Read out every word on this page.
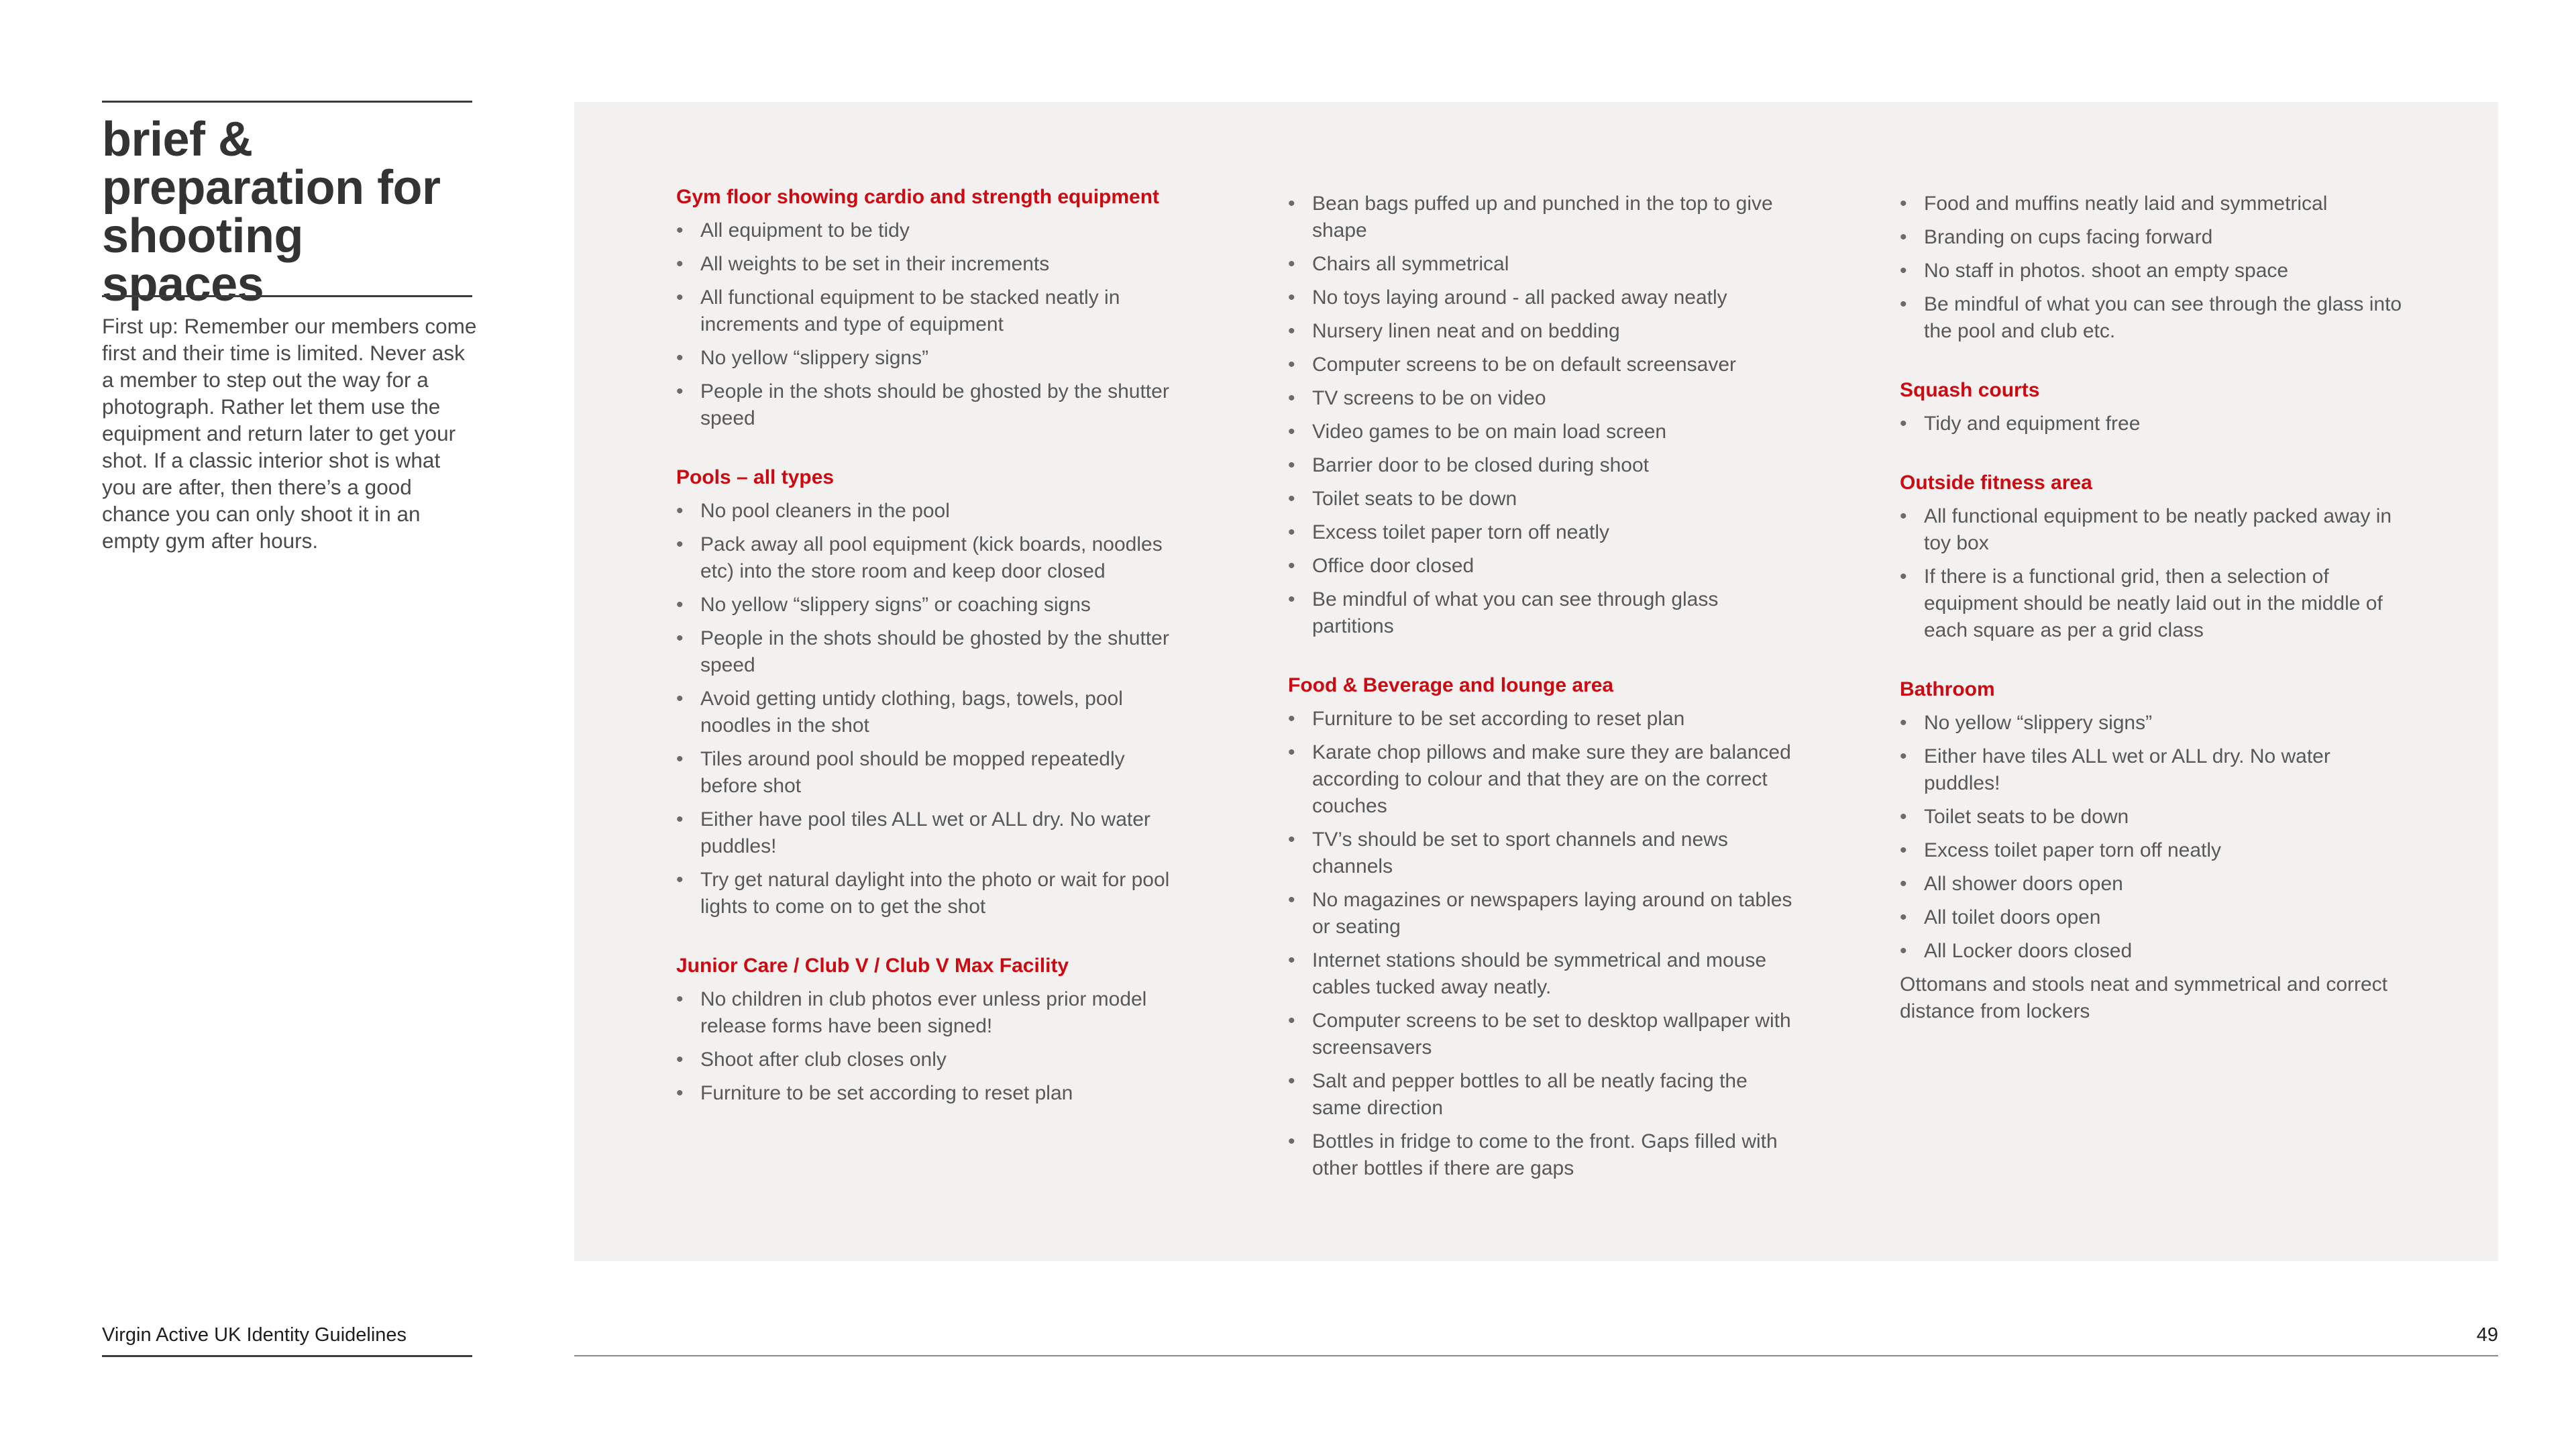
brief & preparation for shooting spaces

First up: Remember our members come first and their time is limited. Never ask a member to step out the way for a photograph. Rather let them use the equipment and return later to get your shot. If a classic interior shot is what you are after, then there’s a good chance you can only shoot it in an empty gym after hours.

Gym floor showing cardio and strength equipment
• All equipment to be tidy
• All weights to be set in their increments
• All functional equipment to be stacked neatly in increments and type of equipment
• No yellow “slippery signs”
• People in the shots should be ghosted by the shutter speed
Pools – all types
• No pool cleaners in the pool
• Pack away all pool equipment (kick boards, noodles etc) into the store room and keep door closed
• No yellow “slippery signs” or coaching signs
• People in the shots should be ghosted by the shutter speed
• Avoid getting untidy clothing, bags, towels, pool noodles in the shot
• Tiles around pool should be mopped repeatedly before shot
• Either have pool tiles ALL wet or ALL dry. No water puddles!
• Try get natural daylight into the photo or wait for pool lights to come on to get the shot
Junior Care / Club V / Club V Max Facility
• No children in club photos ever unless prior model release forms have been signed!
• Shoot after club closes only
• Furniture to be set according to reset plan
• Bean bags puffed up and punched in the top to give shape
• Chairs all symmetrical
• No toys laying around - all packed away neatly
• Nursery linen neat and on bedding
• Computer screens to be on default screensaver
• TV screens to be on video
• Video games to be on main load screen
• Barrier door to be closed during shoot
• Toilet seats to be down
• Excess toilet paper torn off neatly
• Office door closed
• Be mindful of what you can see through glass partitions
Food & Beverage and lounge area
• Furniture to be set according to reset plan
• Karate chop pillows and make sure they are balanced according to colour and that they are on the correct couches
• TV’s should be set to sport channels and news channels
• No magazines or newspapers laying around on tables or seating
• Internet stations should be symmetrical and mouse cables tucked away neatly.
• Computer screens to be set to desktop wallpaper with screensavers
• Salt and pepper bottles to all be neatly facing the same direction
• Bottles in fridge to come to the front. Gaps filled with other bottles if there are gaps
• Food and muffins neatly laid and symmetrical
• Branding on cups facing forward
• No staff in photos. shoot an empty space
• Be mindful of what you can see through the glass into the pool and club etc.
Squash courts
• Tidy and equipment free
Outside fitness area
• All functional equipment to be neatly packed away in toy box
• If there is a functional grid, then a selection of equipment should be neatly laid out in the middle of each square as per a grid class
Bathroom
• No yellow “slippery signs”
• Either have tiles ALL wet or ALL dry. No water puddles!
• Toilet seats to be down
• Excess toilet paper torn off neatly
• All shower doors open
• All toilet doors open
• All Locker doors closed

Ottomans and stools neat and symmetrical and correct distance from lockers

Virgin Active UK Identity Guidelines	49
